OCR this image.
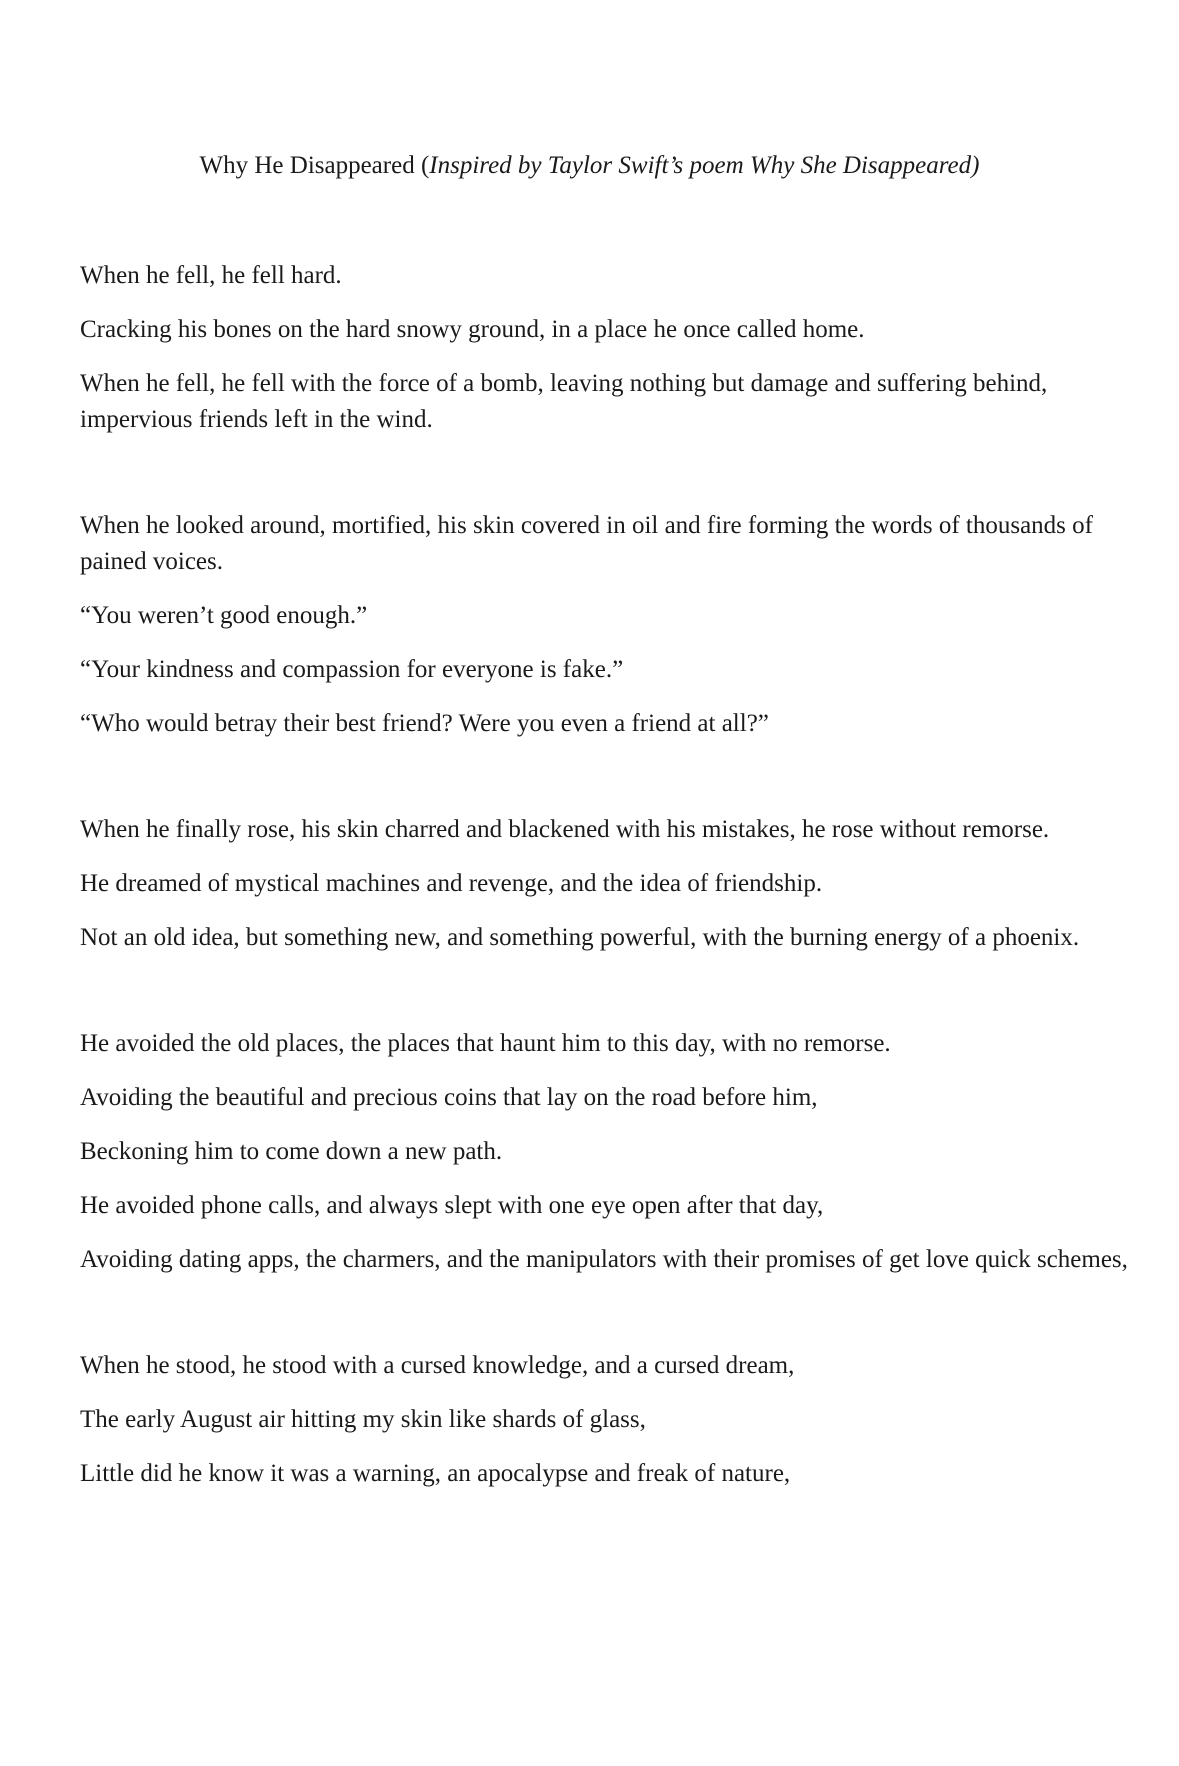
Why He Disappeared (Inspired by Taylor Swift’s poem Why She Disappeared)

When he fell, he fell hard.

Cracking his bones on the hard snowy ground, in a place he once called home.

When he fell, he fell with the force of a bomb, leaving nothing but damage and suffering behind, impervious friends left in the wind.

When he looked around, mortified, his skin covered in oil and fire forming the words of thousands of pained voices.

“You weren’t good enough.”

“Your kindness and compassion for everyone is fake.”

“Who would betray their best friend? Were you even a friend at all?”

When he finally rose, his skin charred and blackened with his mistakes, he rose without remorse.

He dreamed of mystical machines and revenge, and the idea of friendship.

Not an old idea, but something new, and something powerful, with the burning energy of a phoenix.

He avoided the old places, the places that haunt him to this day, with no remorse.

Avoiding the beautiful and precious coins that lay on the road before him,

Beckoning him to come down a new path.

He avoided phone calls, and always slept with one eye open after that day,

Avoiding dating apps, the charmers, and the manipulators with their promises of get love quick schemes,

When he stood, he stood with a cursed knowledge, and a cursed dream,

The early August air hitting my skin like shards of glass,

Little did he know it was a warning, an apocalypse and freak of nature,
